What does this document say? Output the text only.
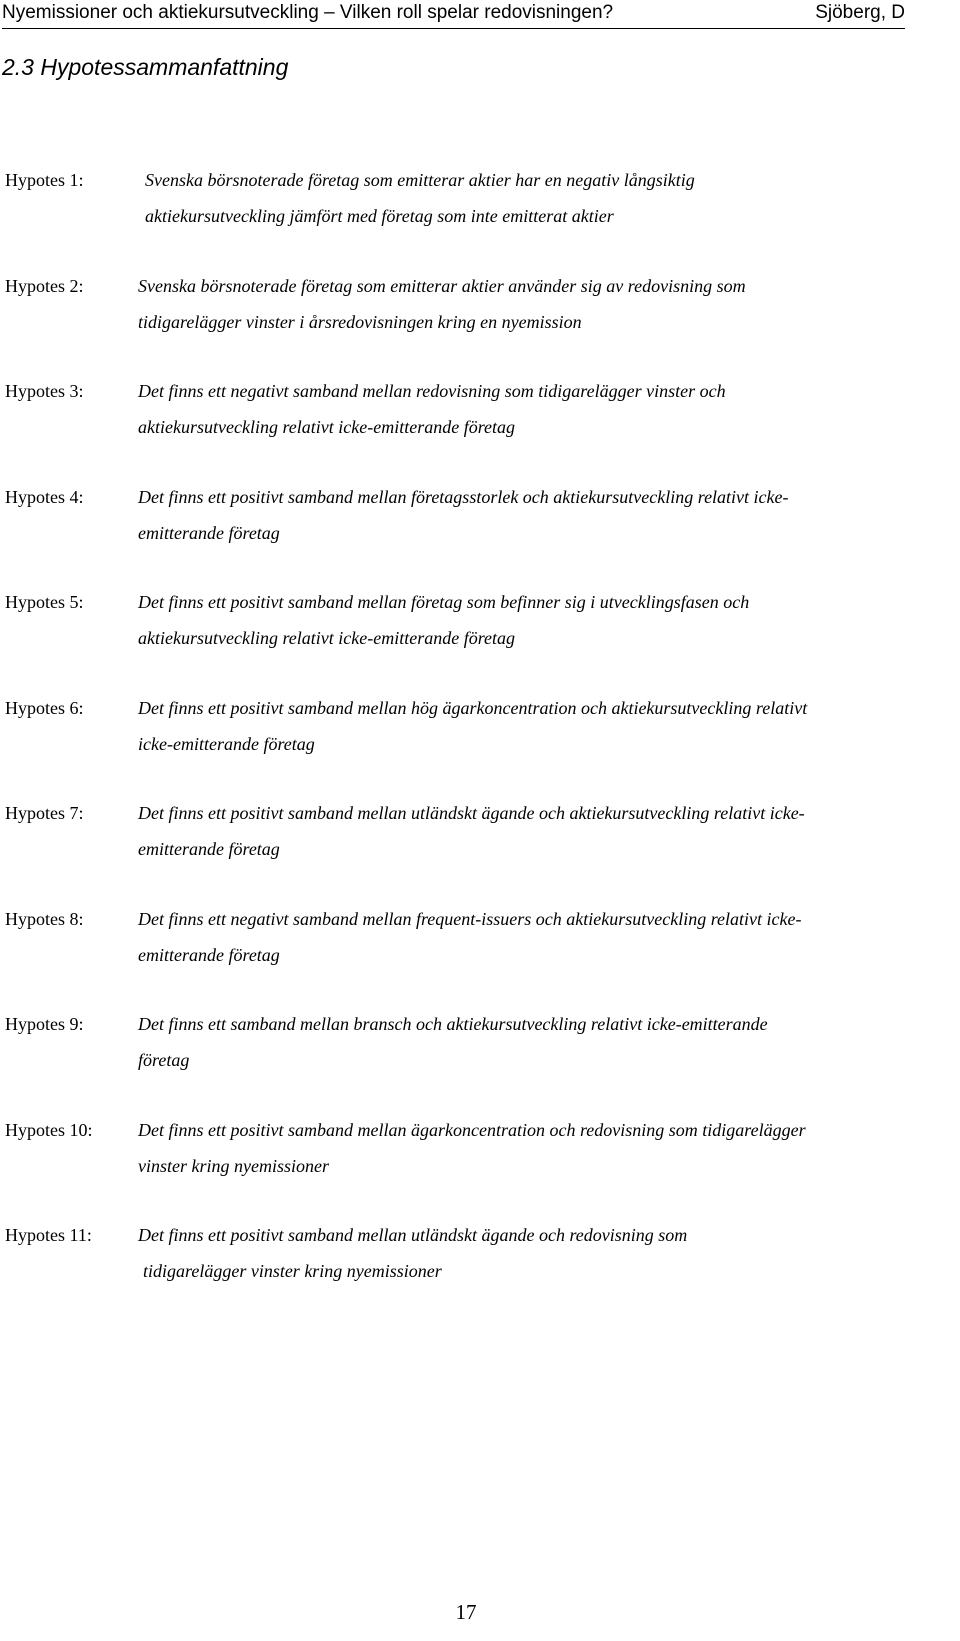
Nyemissioner och aktiekursutveckling – Vilken roll spelar redovisningen?	Sjöberg, D
2.3 Hypotessammanfattning
Hypotes 1:	Svenska börsnoterade företag som emitterar aktier har en negativ långsiktig
aktiekursutveckling jämfört med företag som inte emitterat aktier
Hypotes 2:	Svenska börsnoterade företag som emitterar aktier använder sig av redovisning som
tidigarelägger vinster i årsredovisningen kring en nyemission
Hypotes 3:	Det finns ett negativt samband mellan redovisning som tidigarelägger vinster och
aktiekursutveckling relativt icke-emitterande företag
Hypotes 4:	Det finns ett positivt samband mellan företagsstorlek och aktiekursutveckling relativt icke-
emitterande företag
Hypotes 5:	Det finns ett positivt samband mellan företag som befinner sig i utvecklingsfasen och
aktiekursutveckling relativt icke-emitterande företag
Hypotes 6:	Det finns ett positivt samband mellan hög ägarkoncentration och aktiekursutveckling relativt
icke-emitterande företag
Hypotes 7:	Det finns ett positivt samband mellan utländskt ägande och aktiekursutveckling relativt icke-
emitterande företag
Hypotes 8:	Det finns ett negativt samband mellan frequent-issuers och aktiekursutveckling relativt icke-
emitterande företag
Hypotes 9:	Det finns ett samband mellan bransch och aktiekursutveckling relativt icke-emitterande
företag
Hypotes 10:	Det finns ett positivt samband mellan ägarkoncentration och redovisning som tidigarelägger
vinster kring nyemissioner
Hypotes 11:	Det finns ett positivt samband mellan utländskt ägande och redovisning som
tidigarelägger vinster kring nyemissioner
17
